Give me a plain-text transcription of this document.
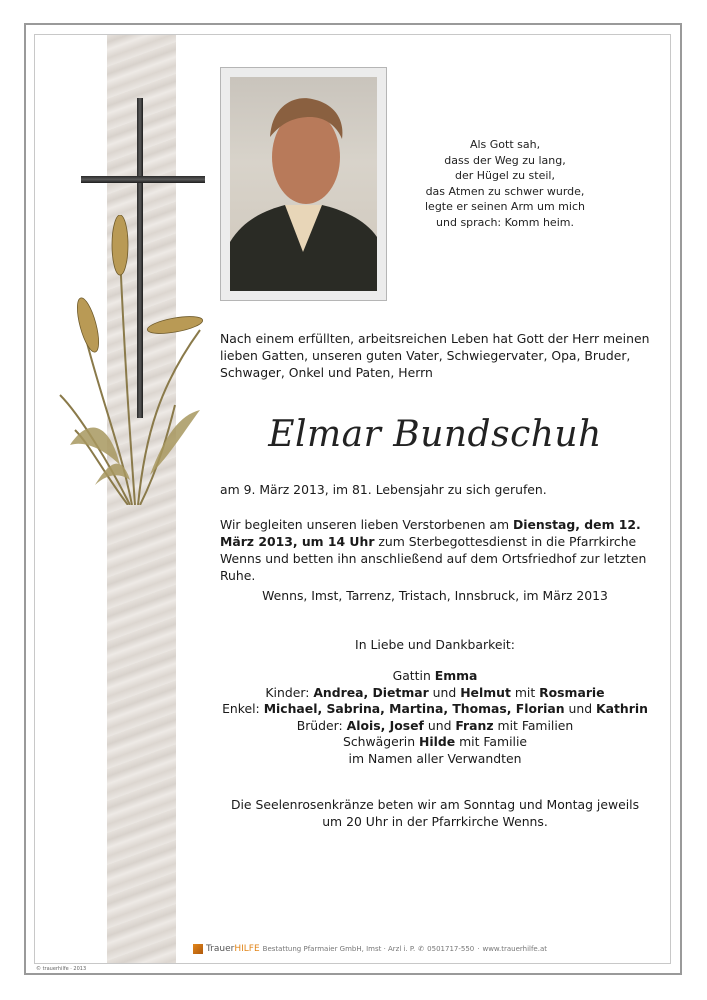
Als Gott sah,
dass der Weg zu lang,
der Hügel zu steil,
das Atmen zu schwer wurde,
legte er seinen Arm um mich
und sprach: Komm heim.
Nach einem erfüllten, arbeitsreichen Leben hat Gott der Herr meinen lieben Gatten, unseren guten Vater, Schwiegervater, Opa, Bruder, Schwager, Onkel und Paten, Herrn
Elmar Bundschuh
am 9. März 2013, im 81. Lebensjahr zu sich gerufen.
Wir begleiten unseren lieben Verstorbenen am Dienstag, dem 12. März 2013, um 14 Uhr zum Sterbegottesdienst in die Pfarrkirche Wenns und betten ihn anschließend auf dem Ortsfriedhof zur letzten Ruhe.
Wenns, Imst, Tarrenz, Tristach, Innsbruck, im März 2013
In Liebe und Dankbarkeit:
Gattin Emma
Kinder: Andrea, Dietmar und Helmut mit Rosmarie
Enkel: Michael, Sabrina, Martina, Thomas, Florian und Kathrin
Brüder: Alois, Josef und Franz mit Familien
Schwägerin Hilde mit Familie
im Namen aller Verwandten
Die Seelenrosenkränze beten wir am Sonntag und Montag jeweils um 20 Uhr in der Pfarrkirche Wenns.
TrauerHILFE Bestattung Pfarmaier GmbH, Imst · Arzl i. P. ✆ 0501717-550 · www.trauerhilfe.at
© trauerhilfe · 2013
